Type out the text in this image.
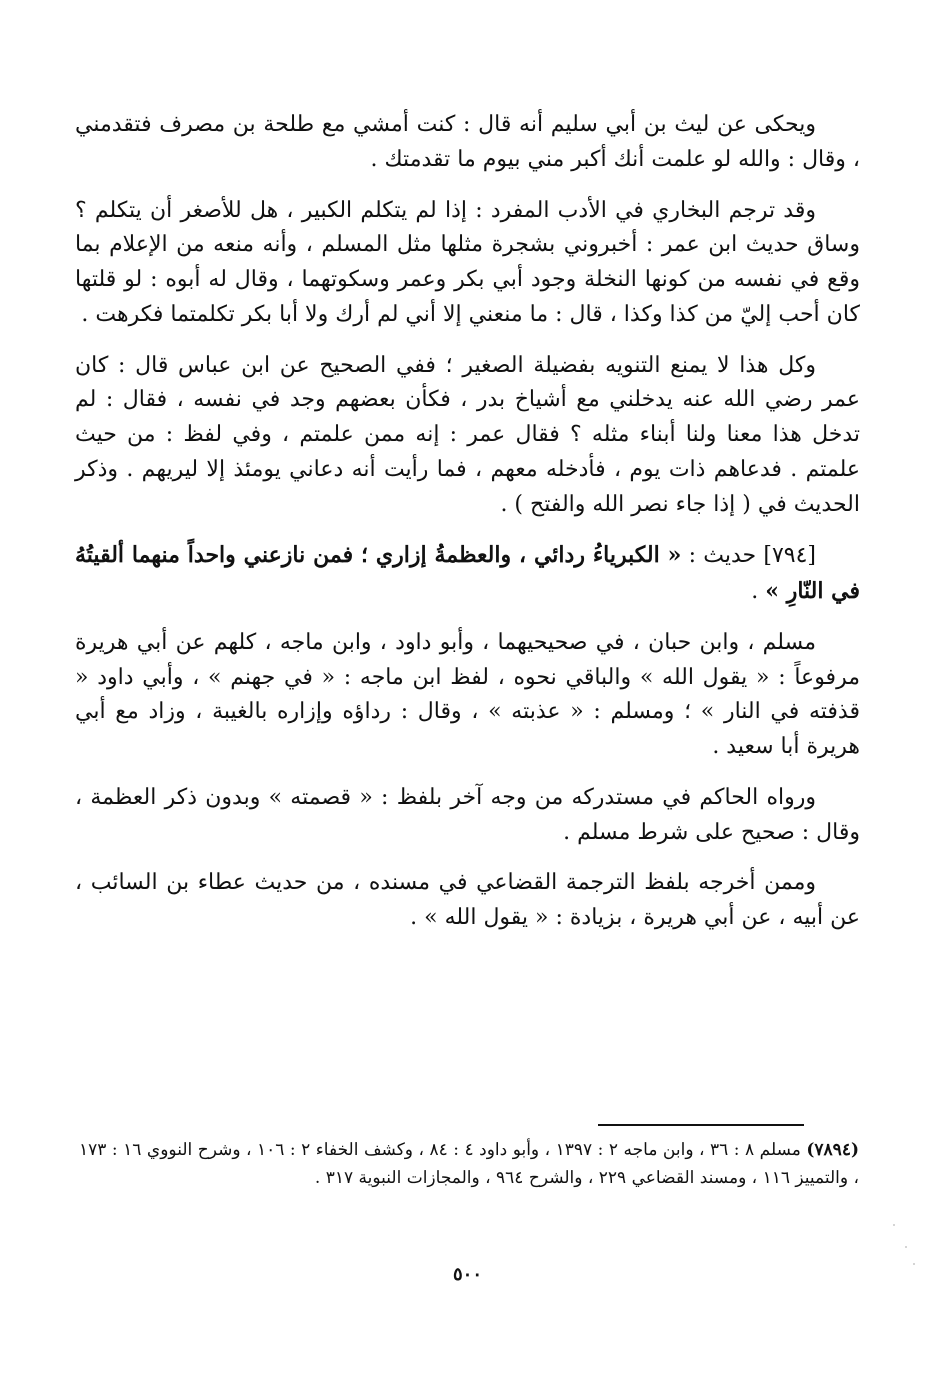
ويحكى عن ليث بن أبي سليم أنه قال : كنت أمشي مع طلحة بن مصرف فتقدمني ، وقال : والله لو علمت أنك أكبر مني بيوم ما تقدمتك .

وقد ترجم البخاري في الأدب المفرد : إذا لم يتكلم الكبير ، هل للأصغر أن يتكلم ؟ وساق حديث ابن عمر : أخبروني بشجرة مثلها مثل المسلم ، وأنه منعه من الإعلام بما وقع في نفسه من كونها النخلة وجود أبي بكر وعمر وسكوتهما ، وقال له أبوه : لو قلتها كان أحب إليّ من كذا وكذا ، قال : ما منعني إلا أني لم أرك ولا أبا بكر تكلمتما فكرهت .

وكل هذا لا يمنع التنويه بفضيلة الصغير ؛ ففي الصحيح عن ابن عباس قال : كان عمر رضي الله عنه يدخلني مع أشياخ بدر ، فكأن بعضهم وجد في نفسه ، فقال : لم تدخل هذا معنا ولنا أبناء مثله ؟ فقال عمر : إنه ممن علمتم ، وفي لفظ : من حيث علمتم . فدعاهم ذات يوم ، فأدخله معهم ، فما رأيت أنه دعاني يومئذ إلا ليريهم . وذكر الحديث في ( إذا جاء نصر الله والفتح ) .

[٧٩٤] حديث : « الكبرياءُ ردائي ، والعظمةُ إزاري ؛ فمن نازعني واحداً منهما ألقيتُهُ في النّارِ » .

مسلم ، وابن حبان ، في صحيحيهما ، وأبو داود ، وابن ماجه ، كلهم عن أبي هريرة مرفوعاً : « يقول الله » والباقي نحوه ، لفظ ابن ماجه : « في جهنم » ، وأبي داود « قذفته في النار » ؛ ومسلم : « عذبته » ، وقال : رداؤه وإزاره بالغيبة ، وزاد مع أبي هريرة أبا سعيد .

ورواه الحاكم في مستدركه من وجه آخر بلفظ : « قصمته » وبدون ذكر العظمة ، وقال : صحيح على شرط مسلم .

وممن أخرجه بلفظ الترجمة القضاعي في مسنده ، من حديث عطاء بن السائب ، عن أبيه ، عن أبي هريرة ، بزيادة : « يقول الله » .

(٧٨٩٤) مسلم ٨ : ٣٦ ، وابن ماجه ٢ : ١٣٩٧ ، وأبو داود ٤ : ٨٤ ، وكشف الخفاء ٢ : ١٠٦ ، وشرح النووي ١٦ : ١٧٣ ، والتمييز ١١٦ ، ومسند القضاعي ٢٢٩ ، والشرح ٩٦٤ ، والمجازات النبوية ٣١٧ .

٥٠٠
